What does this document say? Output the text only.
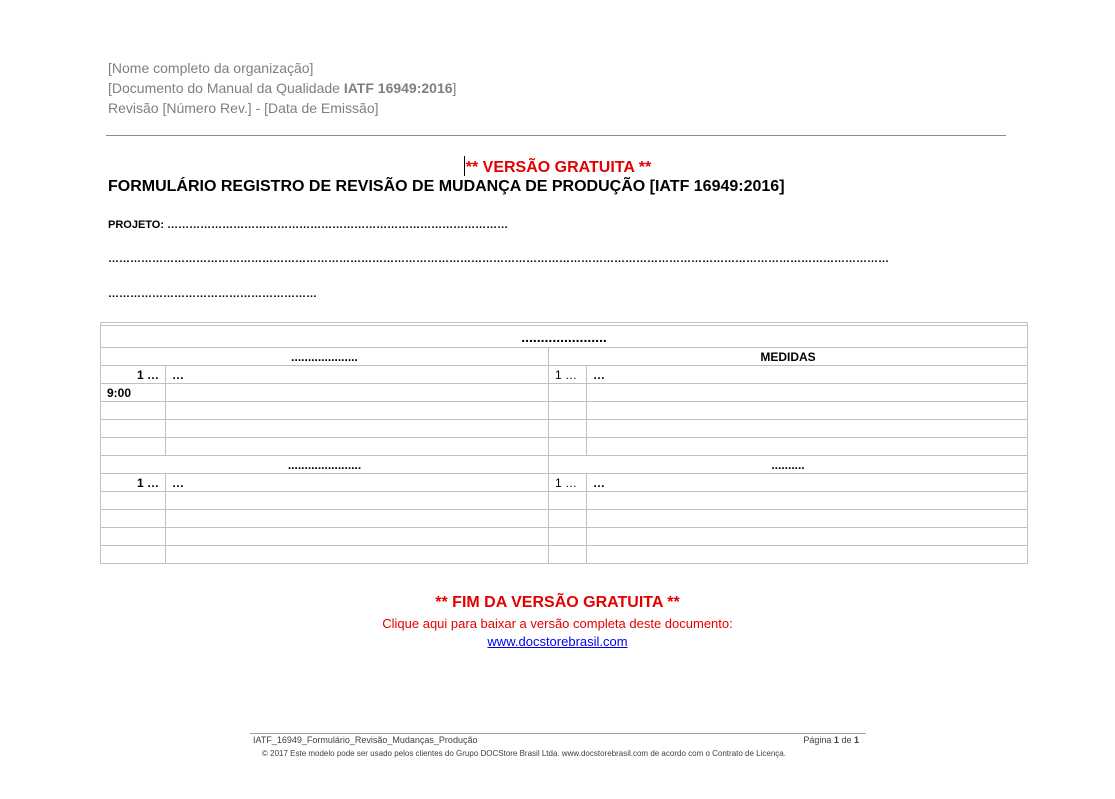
[Nome completo da organização]
[Documento do Manual da Qualidade IATF 16949:2016]
Revisão [Número Rev.] - [Data de Emissão]
** VERSÃO GRATUITA **
FORMULÁRIO REGISTRO DE REVISÃO DE MUDANÇA DE PRODUÇÃO [IATF 16949:2016]
PROJETO: …………………………………………………………………………………
……………………………………………………………………………………………………………………………………………………………………………………………
…………………………………………………

......................			
....................		MEDIDAS	
1 …	…	1 …	…
9:00			

......................		..........	
1 …	…	1 …	…

** FIM DA VERSÃO GRATUITA **
Clique aqui para baixar a versão completa deste documento:
www.docstorebrasil.com
IATF_16949_Formulário_Revisão_Mudanças_Produção	Página 1 de 1
© 2017 Este modelo pode ser usado pelos clientes do Grupo DOCStore Brasil Ltda. www.docstorebrasil.com de acordo com o Contrato de Licença.
